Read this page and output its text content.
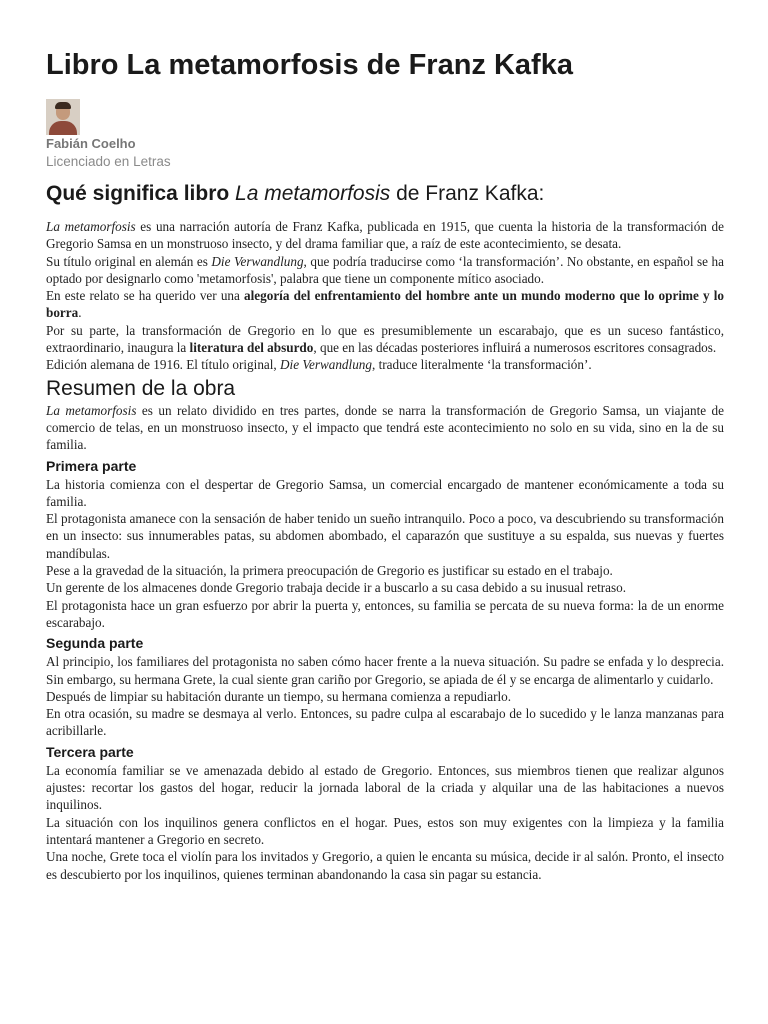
Libro La metamorfosis de Franz Kafka
Fabián Coelho
Licenciado en Letras
Qué significa libro La metamorfosis de Franz Kafka:

La metamorfosis es una narración autoría de Franz Kafka, publicada en 1915, que cuenta la historia de la transformación de Gregorio Samsa en un monstruoso insecto, y del drama familiar que, a raíz de este acontecimiento, se desata.

Su título original en alemán es Die Verwandlung, que podría traducirse como ‘la transformación’. No obstante, en español se ha optado por designarlo como 'metamorfosis', palabra que tiene un componente mítico asociado.

En este relato se ha querido ver una alegoría del enfrentamiento del hombre ante un mundo moderno que lo oprime y lo borra.

Por su parte, la transformación de Gregorio en lo que es presumiblemente un escarabajo, que es un suceso fantástico, extraordinario, inaugura la literatura del absurdo, que en las décadas posteriores influirá a numerosos escritores consagrados.

Edición alemana de 1916. El título original, Die Verwandlung, traduce literalmente ‘la transformación’.

Resumen de la obra

La metamorfosis es un relato dividido en tres partes, donde se narra la transformación de Gregorio Samsa, un viajante de comercio de telas, en un monstruoso insecto, y el impacto que tendrá este acontecimiento no solo en su vida, sino en la de su familia.

Primera parte

La historia comienza con el despertar de Gregorio Samsa, un comercial encargado de mantener económicamente a toda su familia.

El protagonista amanece con la sensación de haber tenido un sueño intranquilo. Poco a poco, va descubriendo su transformación en un insecto: sus innumerables patas, su abdomen abombado, el caparazón que sustituye a su espalda, sus nuevas y fuertes mandíbulas.

Pese a la gravedad de la situación, la primera preocupación de Gregorio es justificar su estado en el trabajo.

Un gerente de los almacenes donde Gregorio trabaja decide ir a buscarlo a su casa debido a su inusual retraso.

El protagonista hace un gran esfuerzo por abrir la puerta y, entonces, su familia se percata de su nueva forma: la de un enorme escarabajo.

Segunda parte

Al principio, los familiares del protagonista no saben cómo hacer frente a la nueva situación. Su padre se enfada y lo desprecia. Sin embargo, su hermana Grete, la cual siente gran cariño por Gregorio, se apiada de él y se encarga de alimentarlo y cuidarlo.

Después de limpiar su habitación durante un tiempo, su hermana comienza a repudiarlo.

En otra ocasión, su madre se desmaya al verlo. Entonces, su padre culpa al escarabajo de lo sucedido y le lanza manzanas para acribillarle.

Tercera parte

La economía familiar se ve amenazada debido al estado de Gregorio. Entonces, sus miembros tienen que realizar algunos ajustes: recortar los gastos del hogar, reducir la jornada laboral de la criada y alquilar una de las habitaciones a nuevos inquilinos.

La situación con los inquilinos genera conflictos en el hogar. Pues, estos son muy exigentes con la limpieza y la familia intentará mantener a Gregorio en secreto.

Una noche, Grete toca el violín para los invitados y Gregorio, a quien le encanta su música, decide ir al salón. Pronto, el insecto es descubierto por los inquilinos, quienes terminan abandonando la casa sin pagar su estancia.
